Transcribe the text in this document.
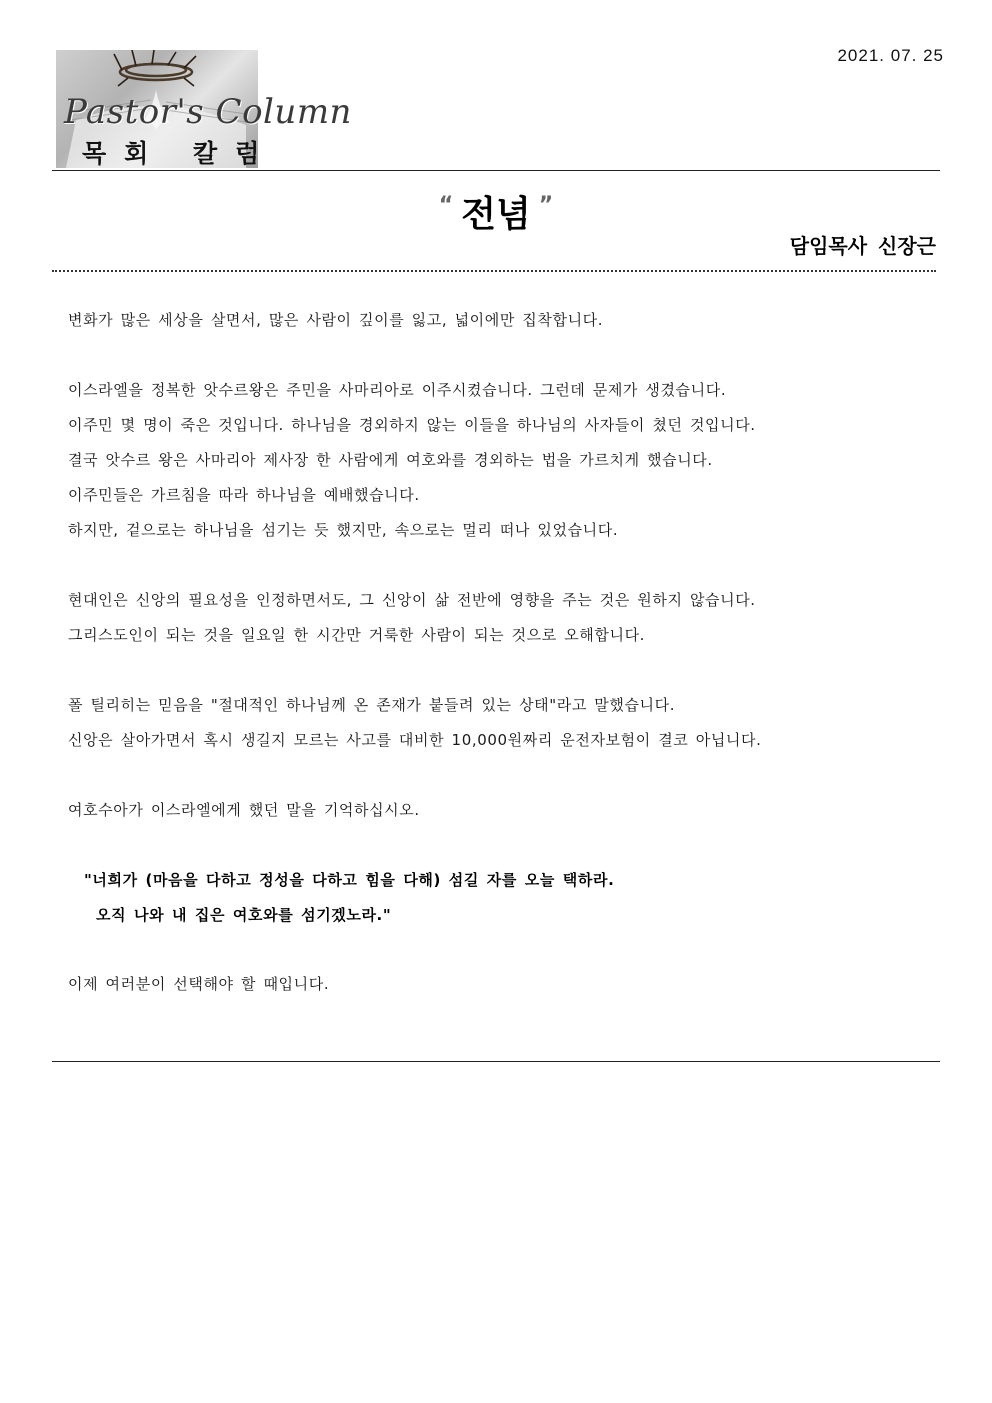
2021. 07. 25
Pastor's Column
목회 칼럼
“ 전념 ”
담임목사 신장근
변화가 많은 세상을 살면서, 많은 사람이 깊이를 잃고, 넓이에만 집착합니다.
이스라엘을 정복한 앗수르왕은 주민을 사마리아로 이주시켰습니다. 그런데 문제가 생겼습니다.
이주민 몇 명이 죽은 것입니다. 하나님을 경외하지 않는 이들을 하나님의 사자들이 쳤던 것입니다.
결국 앗수르 왕은 사마리아 제사장 한 사람에게 여호와를 경외하는 법을 가르치게 했습니다.
이주민들은 가르침을 따라 하나님을 예배했습니다.
하지만, 겉으로는 하나님을 섬기는 듯 했지만, 속으로는 멀리 떠나 있었습니다.
현대인은 신앙의 필요성을 인정하면서도, 그 신앙이 삶 전반에 영향을 주는 것은 원하지 않습니다.
그리스도인이 되는 것을 일요일 한 시간만 거룩한 사람이 되는 것으로 오해합니다.
폴 틸리히는 믿음을 "절대적인 하나님께 온 존재가 붙들려 있는 상태"라고 말했습니다.
신앙은 살아가면서 혹시 생길지 모르는 사고를 대비한 10,000원짜리 운전자보험이 결코 아닙니다.
여호수아가 이스라엘에게 했던 말을 기억하십시오.
"너희가 (마음을 다하고 정성을 다하고 힘을 다해) 섬길 자를 오늘 택하라.
오직 나와 내 집은 여호와를 섬기겠노라."
이제 여러분이 선택해야 할 때입니다.
